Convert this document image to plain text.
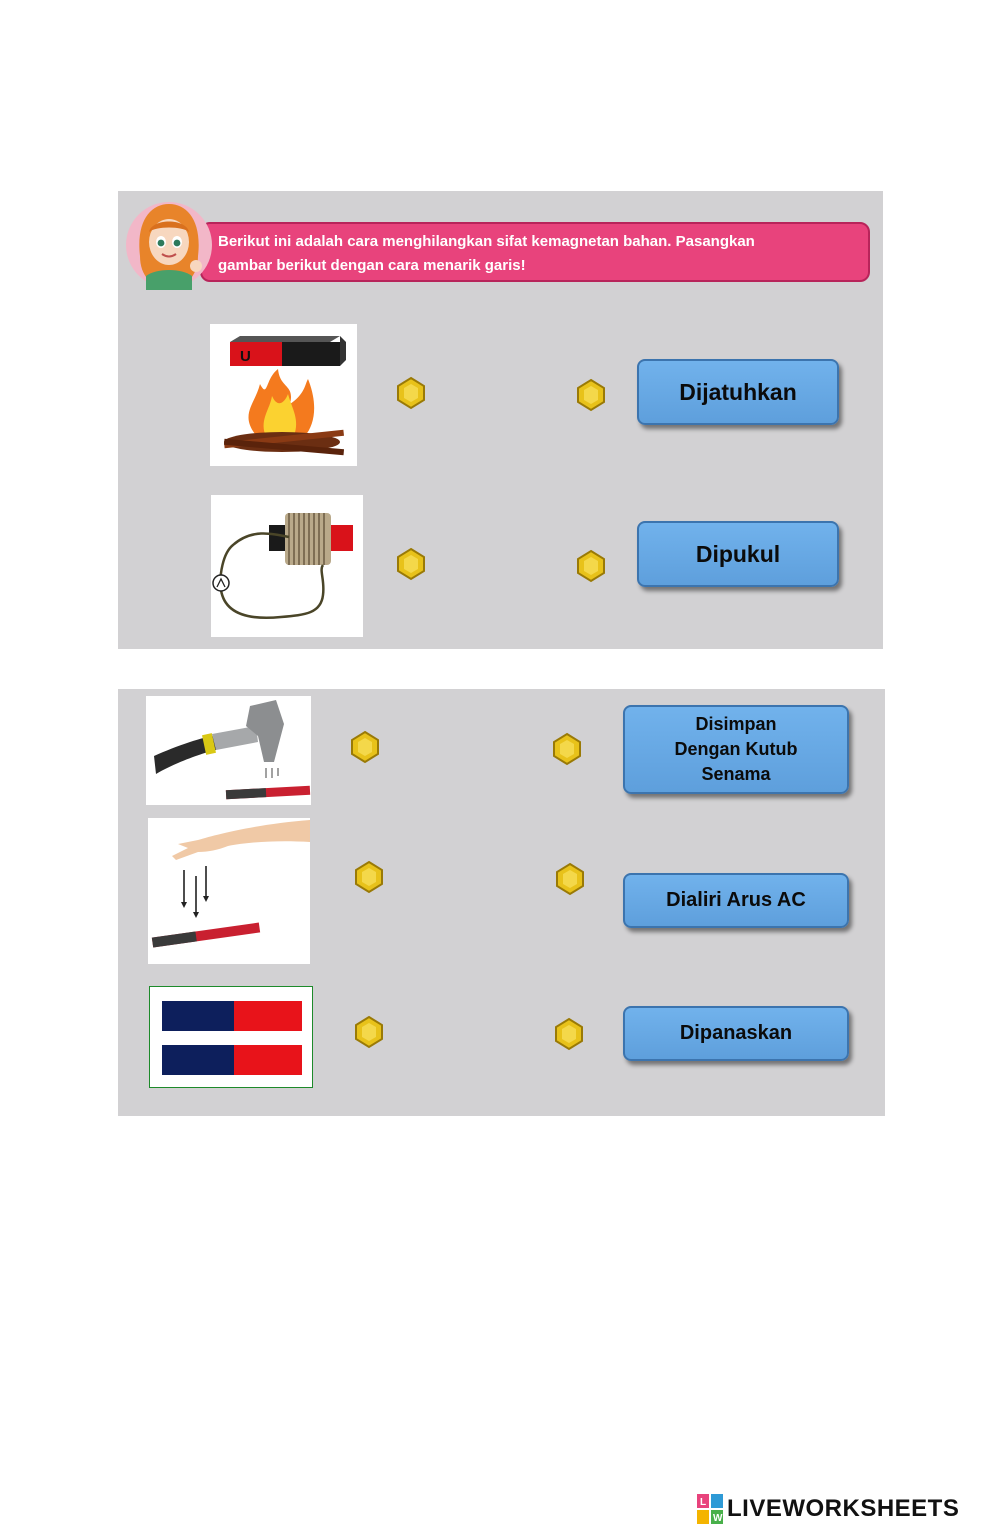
Berikut ini adalah cara menghilangkan sifat kemagnetan bahan. Pasangkan
gambar berikut dengan cara menarik garis!
U
Dijatuhkan
Dipukul
Disimpan
Dengan Kutub
Senama
Dialiri Arus AC
Dipanaskan
L
W LIVEWORKSHEETS
